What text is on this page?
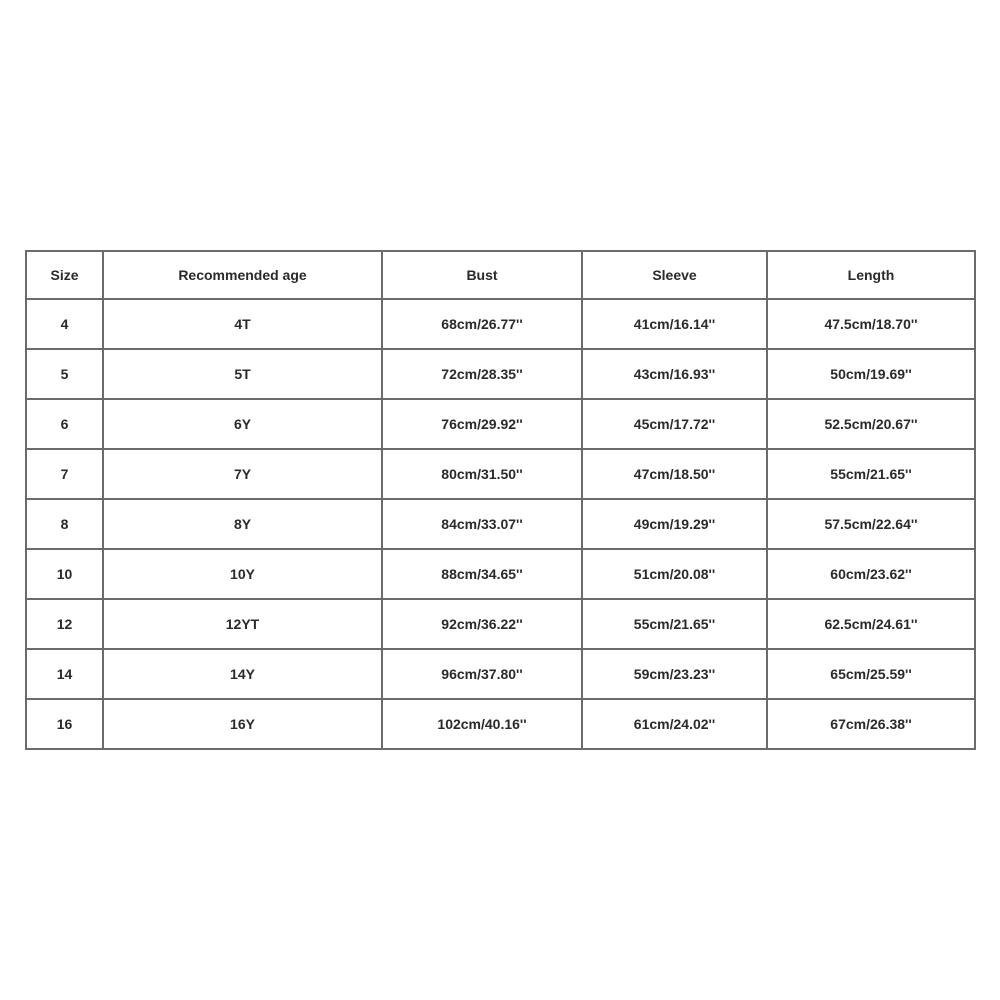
Size	Recommended age	Bust	Sleeve	Length
4	4T	68cm/26.77''	41cm/16.14''	47.5cm/18.70''
5	5T	72cm/28.35''	43cm/16.93''	50cm/19.69''
6	6Y	76cm/29.92''	45cm/17.72''	52.5cm/20.67''
7	7Y	80cm/31.50''	47cm/18.50''	55cm/21.65''
8	8Y	84cm/33.07''	49cm/19.29''	57.5cm/22.64''
10	10Y	88cm/34.65''	51cm/20.08''	60cm/23.62''
12	12YT	92cm/36.22''	55cm/21.65''	62.5cm/24.61''
14	14Y	96cm/37.80''	59cm/23.23''	65cm/25.59''
16	16Y	102cm/40.16''	61cm/24.02''	67cm/26.38''
